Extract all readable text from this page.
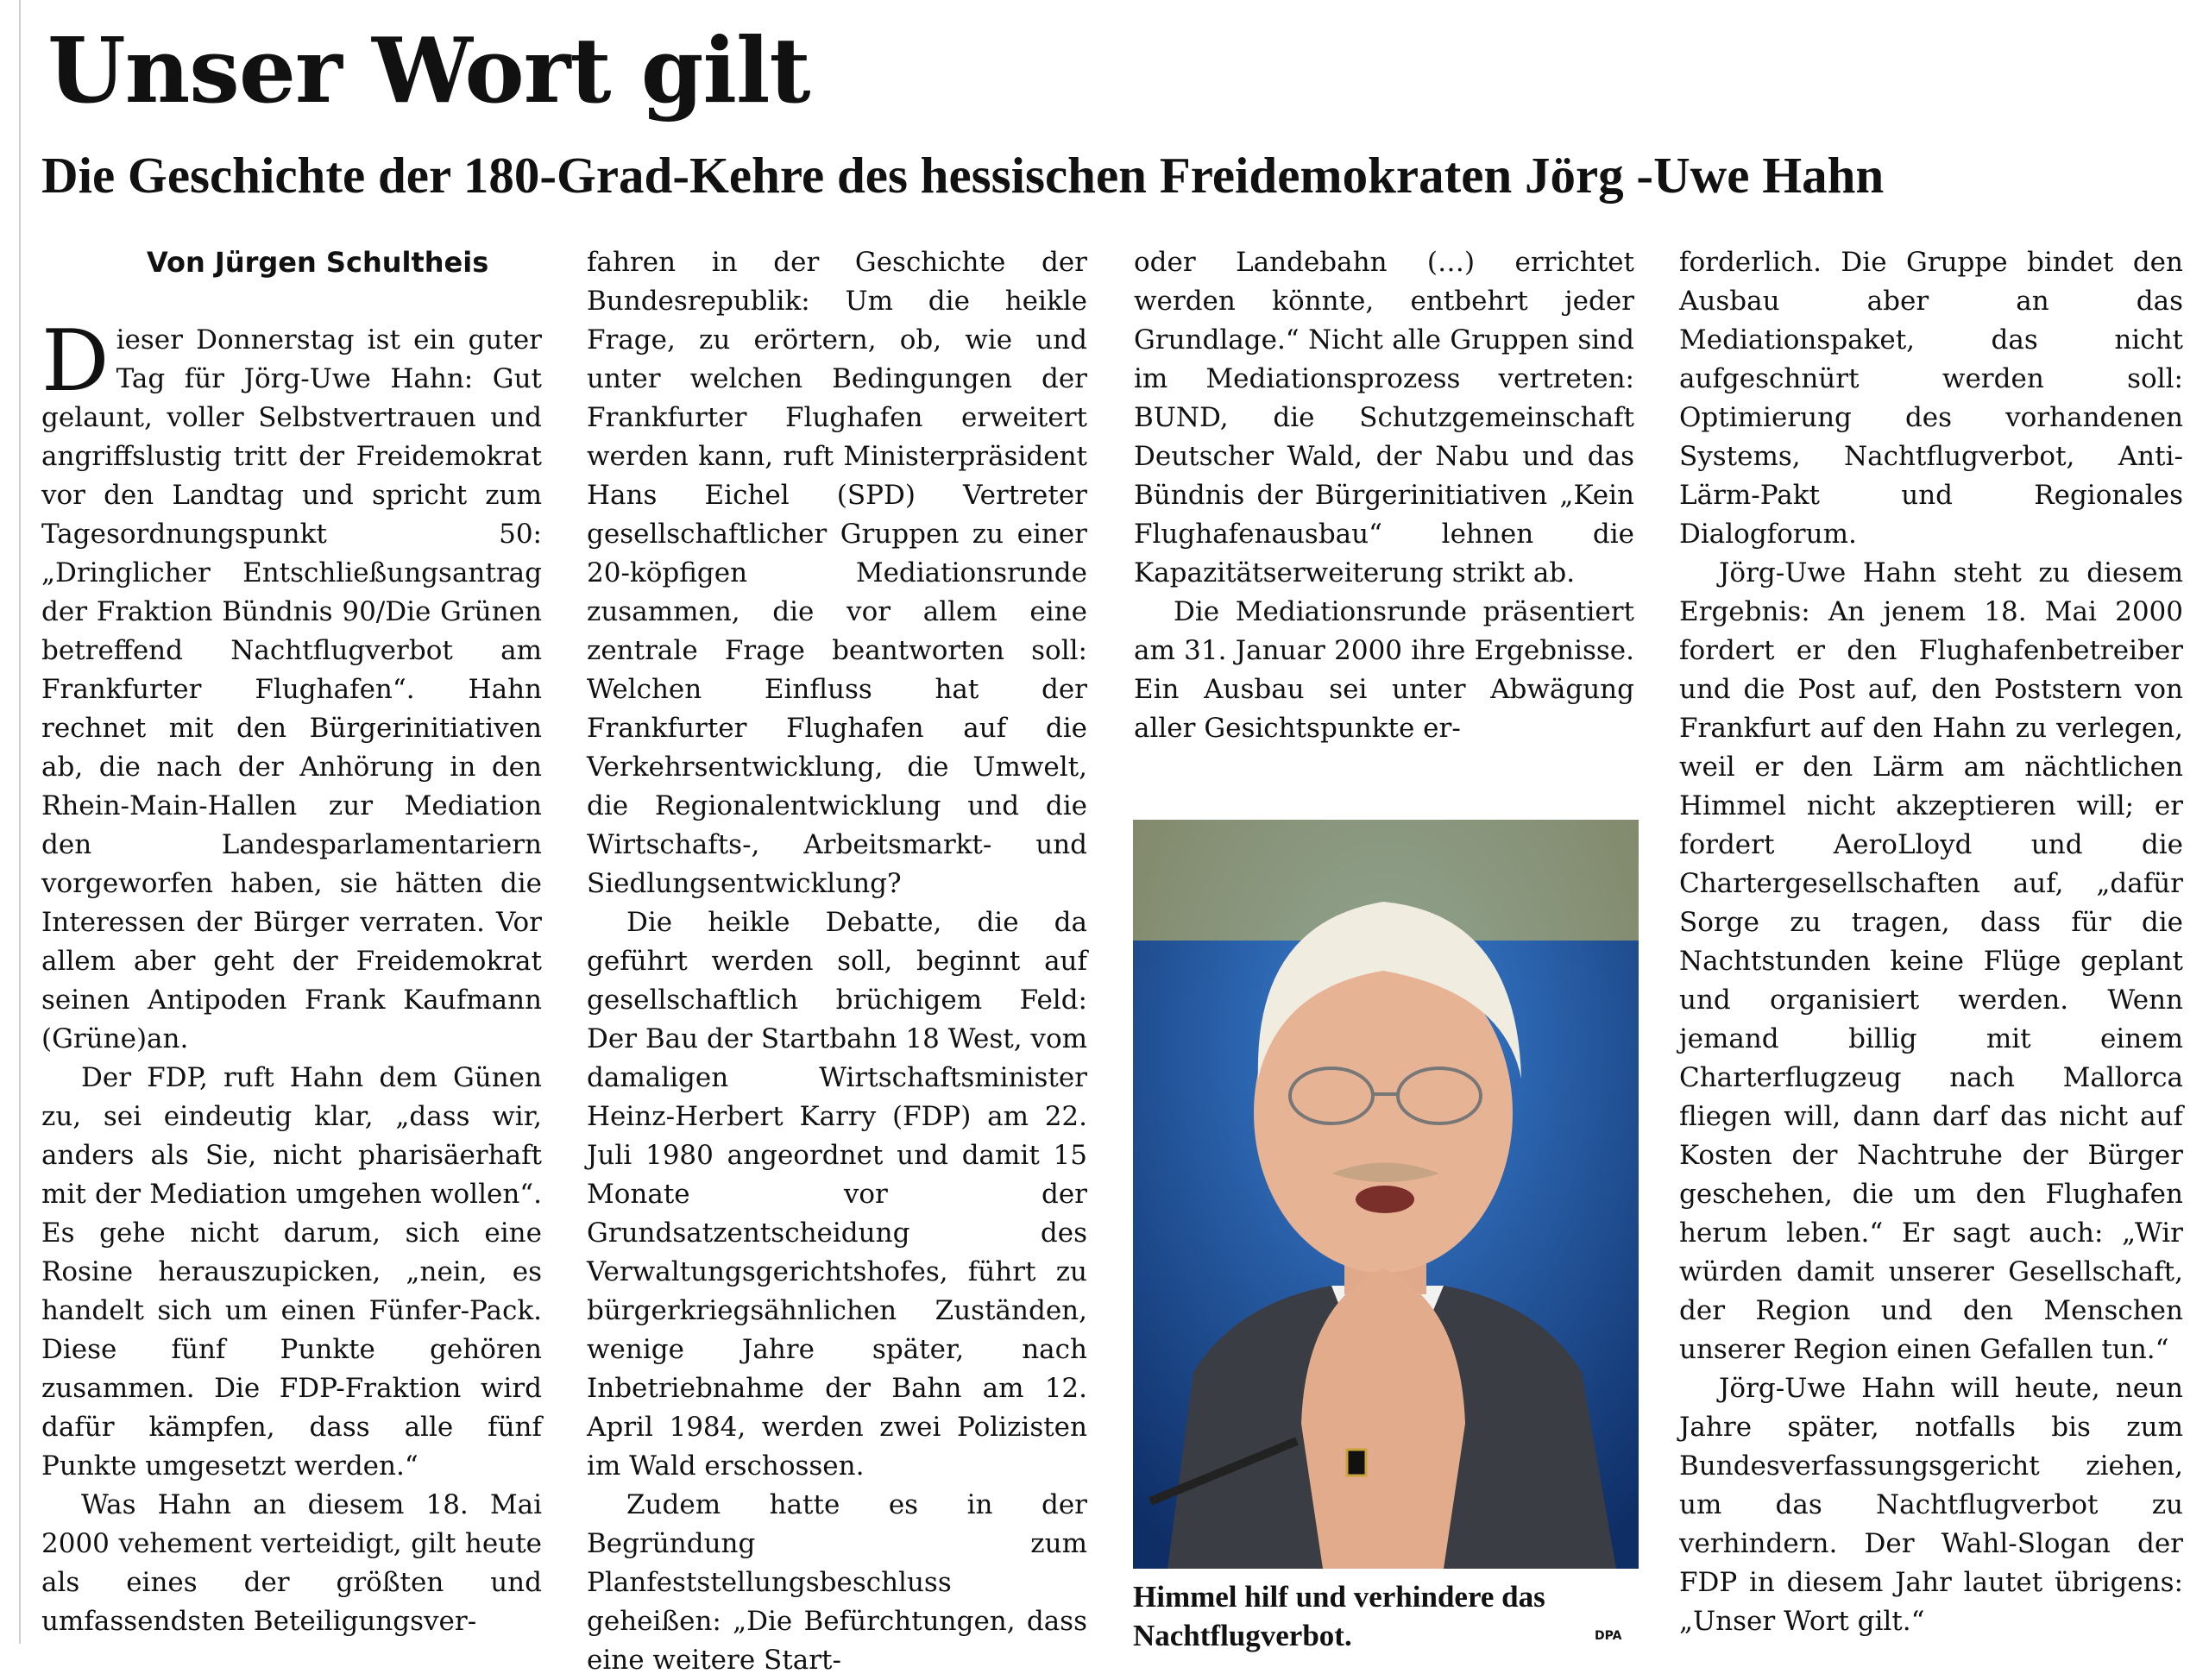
Unser Wort gilt
Die Geschichte der 180-Grad-Kehre des hessischen Freidemokraten Jörg -Uwe Hahn
Von Jürgen Schultheis

Dieser Donnerstag ist ein guter Tag für Jörg-Uwe Hahn: Gut gelaunt, voller Selbstvertrauen und angriffslustig tritt der Freidemokrat vor den Landtag und spricht zum Tagesordnungspunkt 50: „Dringlicher Entschließungsantrag der Fraktion Bündnis 90/Die Grünen betreffend Nachtflugverbot am Frankfurter Flughafen“. Hahn rechnet mit den Bürgerinitiativen ab, die nach der Anhörung in den Rhein-Main-Hallen zur Mediation den Landesparlamentariern vorgeworfen haben, sie hätten die Interessen der Bürger verraten. Vor allem aber geht der Freidemokrat seinen Antipoden Frank Kaufmann (Grüne)an.

Der FDP, ruft Hahn dem Günen zu, sei eindeutig klar, „dass wir, anders als Sie, nicht pharisäerhaft mit der Mediation umgehen wollen“. Es gehe nicht darum, sich eine Rosine herauszupicken, „nein, es handelt sich um einen Fünfer-Pack. Diese fünf Punkte gehören zusammen. Die FDP-Fraktion wird dafür kämpfen, dass alle fünf Punkte umgesetzt werden.“

Was Hahn an diesem 18. Mai 2000 vehement verteidigt, gilt heute als eines der größten und umfassendsten Beteiligungsver-

fahren in der Geschichte der Bundesrepublik: Um die heikle Frage, zu erörtern, ob, wie und unter welchen Bedingungen der Frankfurter Flughafen erweitert werden kann, ruft Ministerpräsident Hans Eichel (SPD) Vertreter gesellschaftlicher Gruppen zu einer 20-köpfigen Mediationsrunde zusammen, die vor allem eine zentrale Frage beantworten soll: Welchen Einfluss hat der Frankfurter Flughafen auf die Verkehrsentwicklung, die Umwelt, die Regionalentwicklung und die Wirtschafts-, Arbeitsmarkt- und Siedlungsentwicklung?

Die heikle Debatte, die da geführt werden soll, beginnt auf gesellschaftlich brüchigem Feld: Der Bau der Startbahn 18 West, vom damaligen Wirtschaftsminister Heinz-Herbert Karry (FDP) am 22. Juli 1980 angeordnet und damit 15 Monate vor der Grundsatzentscheidung des Verwaltungsgerichtshofes, führt zu bürgerkriegsähnlichen Zuständen, wenige Jahre später, nach Inbetriebnahme der Bahn am 12. April 1984, werden zwei Polizisten im Wald erschossen.

Zudem hatte es in der Begründung zum Planfeststellungsbeschluss geheißen: „Die Befürchtungen, dass eine weitere Start-

oder Landebahn (…) errichtet werden könnte, entbehrt jeder Grundlage.“ Nicht alle Gruppen sind im Mediationsprozess vertreten: BUND, die Schutzgemeinschaft Deutscher Wald, der Nabu und das Bündnis der Bürgerinitiativen „Kein Flughafenausbau“ lehnen die Kapazitätserweiterung strikt ab.

Die Mediationsrunde präsentiert am 31. Januar 2000 ihre Ergebnisse. Ein Ausbau sei unter Abwägung aller Gesichtspunkte er-

forderlich. Die Gruppe bindet den Ausbau aber an das Mediationspaket, das nicht aufgeschnürt werden soll: Optimierung des vorhandenen Systems, Nachtflugverbot, Anti-Lärm-Pakt und Regionales Dialogforum.

Jörg-Uwe Hahn steht zu diesem Ergebnis: An jenem 18. Mai 2000 fordert er den Flughafenbetreiber und die Post auf, den Poststern von Frankfurt auf den Hahn zu verlegen, weil er den Lärm am nächtlichen Himmel nicht akzeptieren will; er fordert AeroLloyd und die Chartergesellschaften auf, „dafür Sorge zu tragen, dass für die Nachtstunden keine Flüge geplant und organisiert werden. Wenn jemand billig mit einem Charterflugzeug nach Mallorca fliegen will, dann darf das nicht auf Kosten der Nachtruhe der Bürger geschehen, die um den Flughafen herum leben.“ Er sagt auch: „Wir würden damit unserer Gesellschaft, der Region und den Menschen unserer Region einen Gefallen tun.“

Jörg-Uwe Hahn will heute, neun Jahre später, notfalls bis zum Bundesverfassungsgericht ziehen, um das Nachtflugverbot zu verhindern. Der Wahl-Slogan der FDP in diesem Jahr lautet übrigens: „Unser Wort gilt.“

Himmel hilf und verhindere das Nachtflugverbot.	DPA
